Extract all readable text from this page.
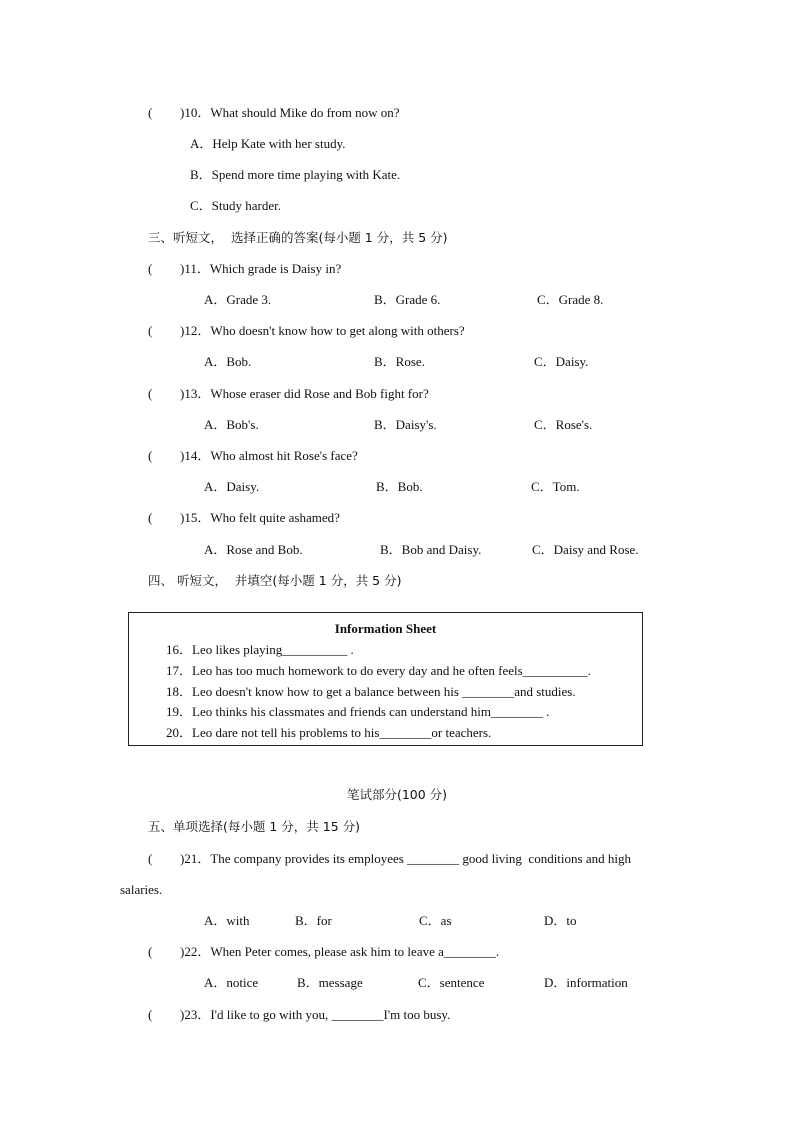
( )10．What should Mike do from now on?
A．Help Kate with her study.
B．Spend more time playing with Kate.
C．Study harder.
三、听短文，  选择正确的答案(每小题 1 分，共 5 分)
( )11．Which grade is Daisy in?
A．Grade 3.	B．Grade 6.	C．Grade 8.
( )12．Who doesn't know how to get along with others?
A．Bob.	B．Rose.	C．Daisy.
( )13．Whose eraser did Rose and Bob fight for?
A．Bob's.	B．Daisy's.	C．Rose's.
( )14．Who almost hit Rose's face?
A．Daisy.	B．Bob.	C．Tom.
( )15．Who felt quite ashamed?
A．Rose and Bob.	B．Bob and Daisy.	C．Daisy and Rose.
四、 听短文，  并填空(每小题 1 分，共 5 分)
Information Sheet
16．Leo likes playing__________ .
17．Leo has too much homework to do every day and he often feels__________.
18．Leo doesn't know how to get a balance between his ________and studies.
19．Leo thinks his classmates and friends can understand him________ .
20．Leo dare not tell his problems to his________or teachers.
笔试部分(100 分)
五、单项选择(每小题 1 分，共 15 分)
( )21．The company provides its employees ________ good living  conditions and high
salaries.
A．with	B．for	C．as	D．to
( )22．When Peter comes, please ask him to leave a________.
A．notice	B．message	C．sentence	D．information
( )23．I'd like to go with you, ________I'm too busy.
